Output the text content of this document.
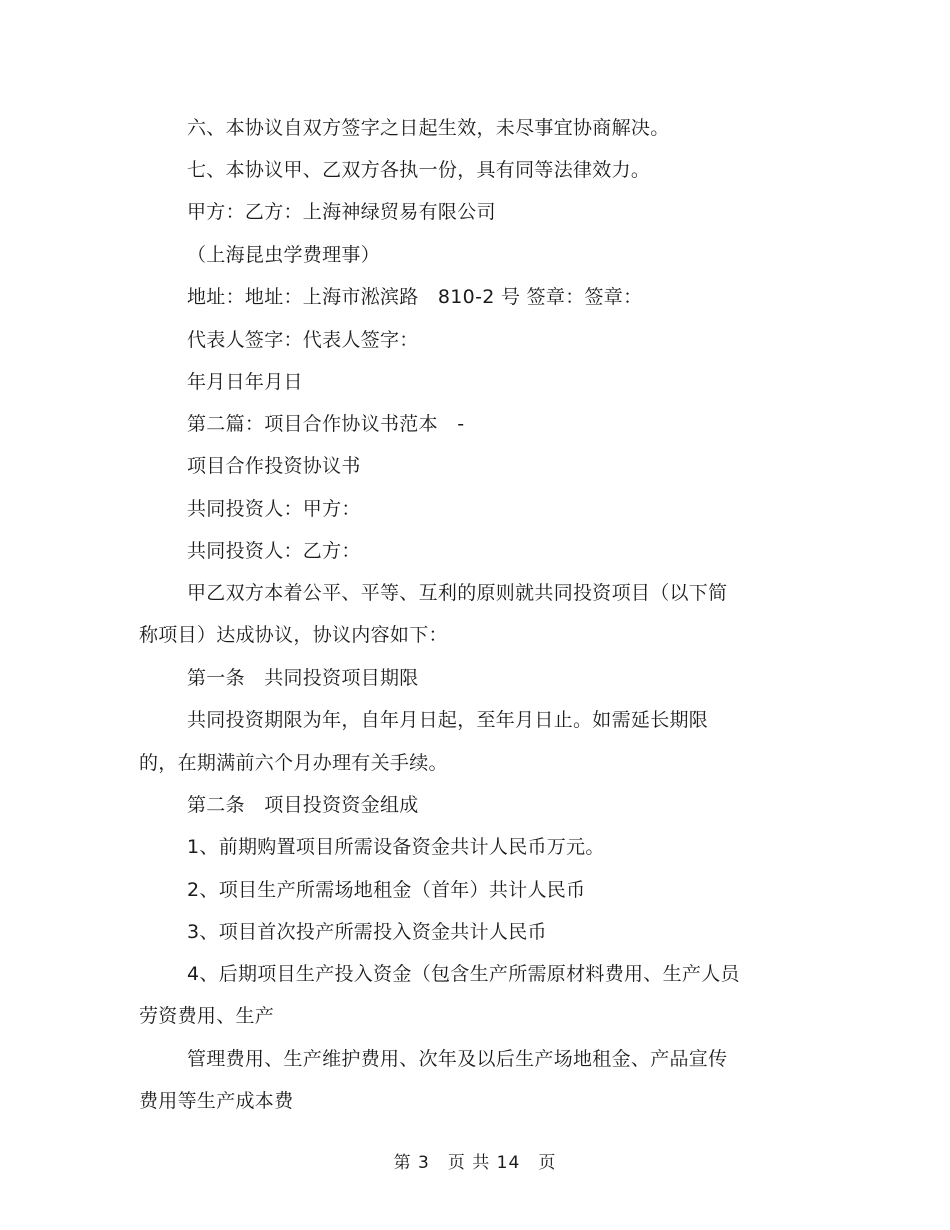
六、本协议自双方签字之日起生效，未尽事宜协商解决。
七、本协议甲、乙双方各执一份，具有同等法律效力。
甲方：乙方：上海神绿贸易有限公司
（上海昆虫学费理事）
地址：地址：上海市淞滨路　810-2 号 签章：签章：
代表人签字：代表人签字：
年月日年月日
第二篇：项目合作协议书范本　-
项目合作投资协议书
共同投资人：甲方：
共同投资人：乙方：
甲乙双方本着公平、平等、互利的原则就共同投资项目（以下简
称项目）达成协议，协议内容如下：
第一条　共同投资项目期限
共同投资期限为年，自年月日起，至年月日止。如需延长期限
的，在期满前六个月办理有关手续。
第二条　项目投资资金组成
1、前期购置项目所需设备资金共计人民币万元。
2、项目生产所需场地租金（首年）共计人民币
3、项目首次投产所需投入资金共计人民币
4、后期项目生产投入资金（包含生产所需原材料费用、生产人员
劳资费用、生产
管理费用、生产维护费用、次年及以后生产场地租金、产品宣传
费用等生产成本费
第 3　页 共 14　页
